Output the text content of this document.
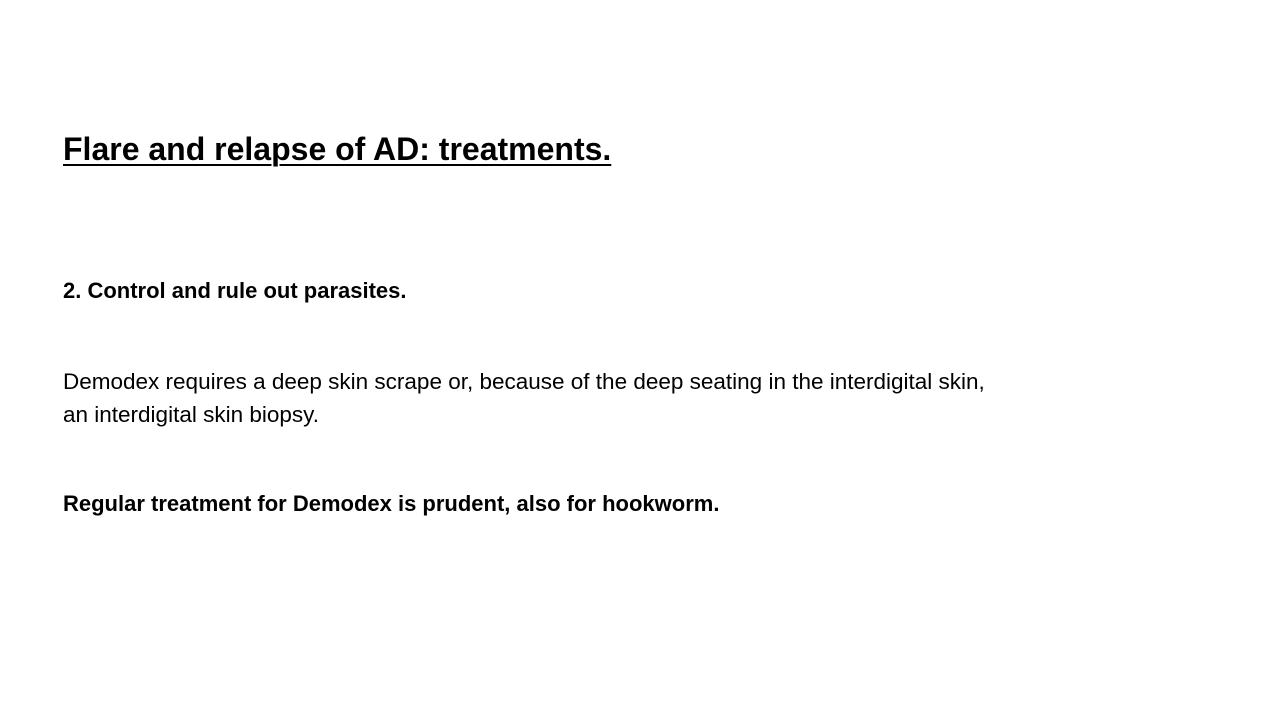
Flare and relapse of AD: treatments.

2. Control and rule out parasites.

Demodex requires a deep skin scrape or, because of the deep seating in the interdigital skin,
an interdigital skin biopsy.

Regular treatment for Demodex is prudent, also for hookworm.
